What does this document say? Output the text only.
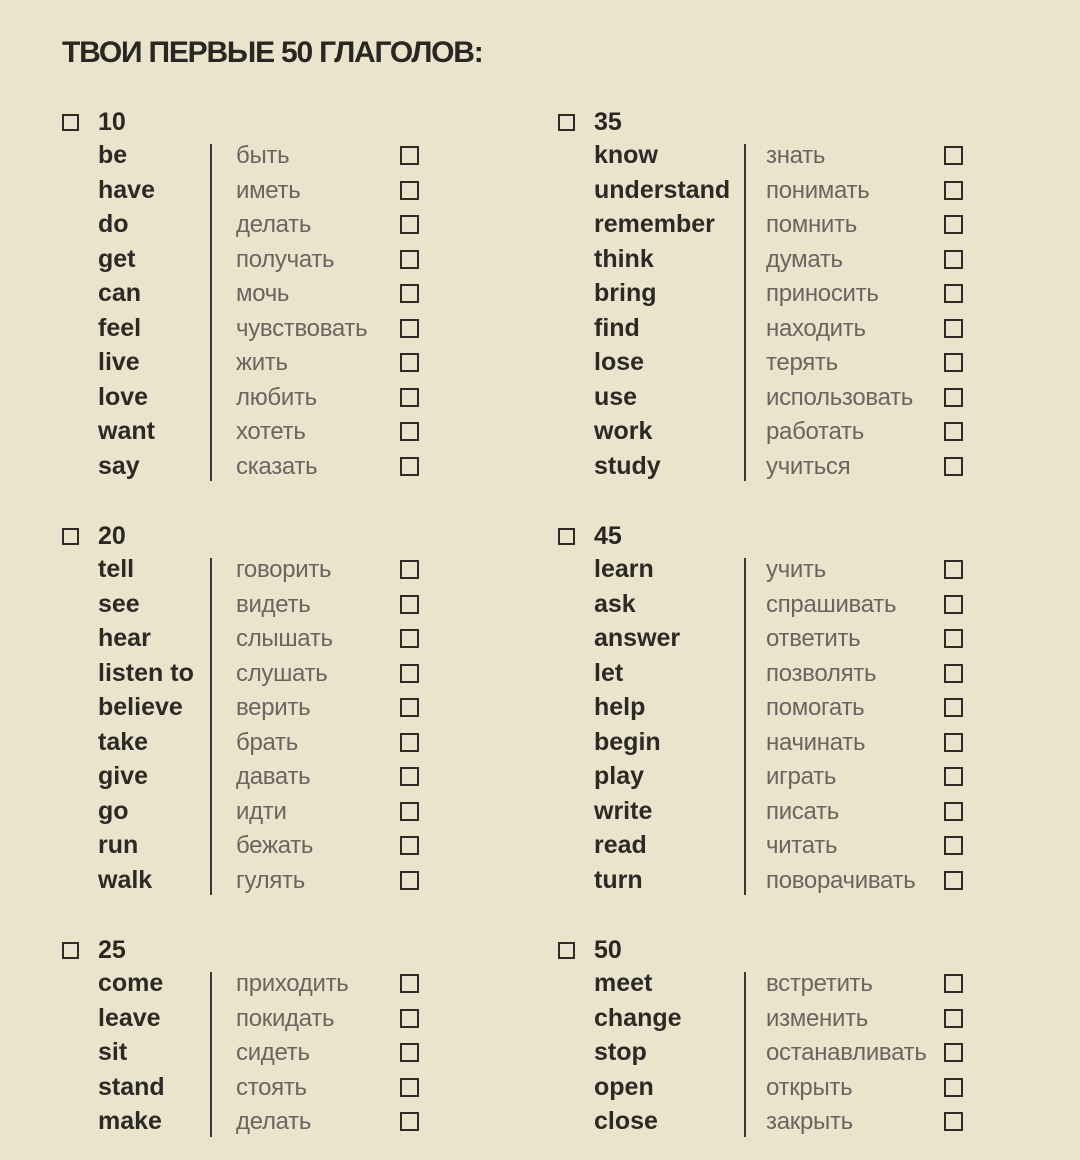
ТВОИ ПЕРВЫЕ 50 ГЛАГОЛОВ:
10
be	быть
have	иметь
do	делать
get	получать
can	мочь
feel	чувствовать
live	жить
love	любить
want	хотеть
say	сказать
20
tell	говорить
see	видеть
hear	слышать
listen to слушать
believe верить
take	брать
give	давать
go	идти
run	бежать
walk	гулять
25
come	приходить
leave	покидать
sit	сидеть
stand	стоять
make	делать
35
know	знать
understand понимать
remember помнить
think	думать
bring	приносить
find	находить
lose	терять
use	использовать
work	работать
study	учиться
45
learn	учить
ask	спрашивать
answer	ответить
let	позволять
help	помогать
begin	начинать
play	играть
write	писать
read	читать
turn	поворачивать
50
meet	встретить
change	изменить
stop	останавливать
open	открыть
close	закрыть
